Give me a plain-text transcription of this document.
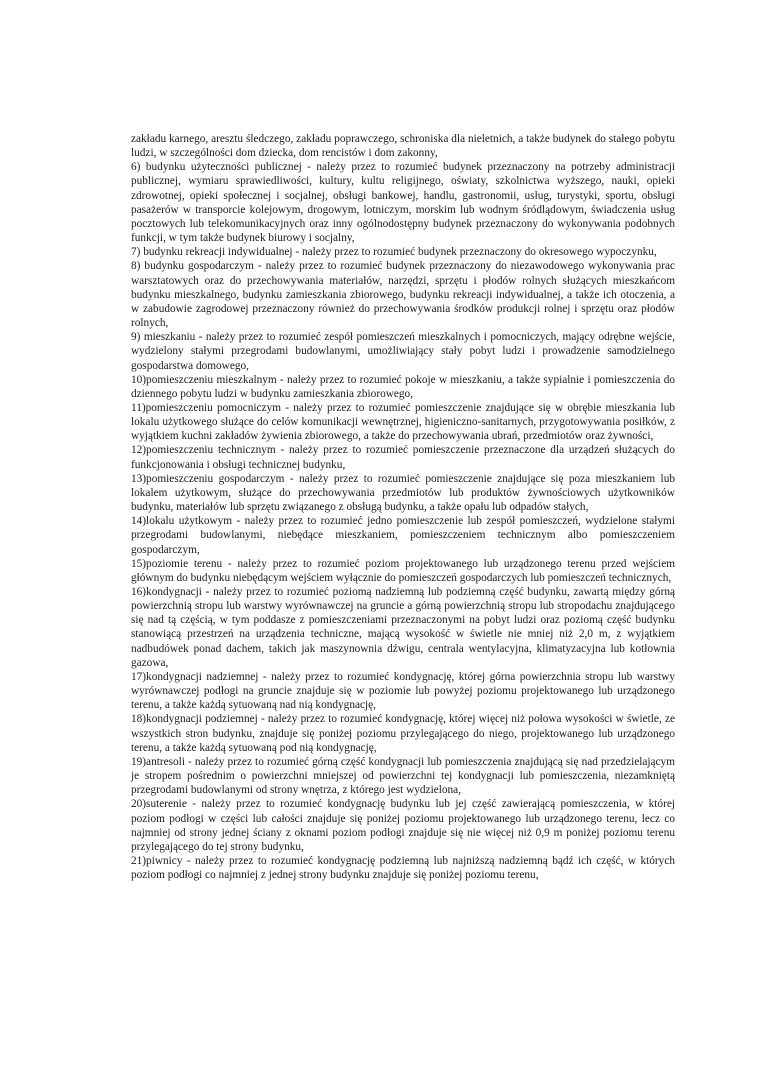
zakładu karnego, aresztu śledczego, zakładu poprawczego, schroniska dla nieletnich, a także budynek do stałego pobytu ludzi, w szczególności dom dziecka, dom rencistów i dom zakonny,

6) budynku użyteczności publicznej - należy przez to rozumieć budynek przeznaczony na potrzeby administracji publicznej, wymiaru sprawiedliwości, kultury, kultu religijnego, oświaty, szkolnictwa wyższego, nauki, opieki zdrowotnej, opieki społecznej i socjalnej, obsługi bankowej, handlu, gastronomii, usług, turystyki, sportu, obsługi pasażerów w transporcie kolejowym, drogowym, lotniczym, morskim lub wodnym śródlądowym, świadczenia usług pocztowych lub telekomunikacyjnych oraz inny ogólnodostępny budynek przeznaczony do wykonywania podobnych funkcji, w tym także budynek biurowy i socjalny,

7) budynku rekreacji indywidualnej - należy przez to rozumieć budynek przeznaczony do okresowego wypoczynku,

8) budynku gospodarczym - należy przez to rozumieć budynek przeznaczony do niezawodowego wykonywania prac warsztatowych oraz do przechowywania materiałów, narzędzi, sprzętu i płodów rolnych służących mieszkańcom budynku mieszkalnego, budynku zamieszkania zbiorowego, budynku rekreacji indywidualnej, a także ich otoczenia, a w zabudowie zagrodowej przeznaczony również do przechowywania środków produkcji rolnej i sprzętu oraz płodów rolnych,

9) mieszkaniu - należy przez to rozumieć zespół pomieszczeń mieszkalnych i pomocniczych, mający odrębne wejście, wydzielony stałymi przegrodami budowlanymi, umożliwiający stały pobyt ludzi i prowadzenie samodzielnego gospodarstwa domowego,

10)pomieszczeniu mieszkalnym - należy przez to rozumieć pokoje w mieszkaniu, a także sypialnie i pomieszczenia do dziennego pobytu ludzi w budynku zamieszkania zbiorowego,

11)pomieszczeniu pomocniczym - należy przez to rozumieć pomieszczenie znajdujące się w obrębie mieszkania lub lokalu użytkowego służące do celów komunikacji wewnętrznej, higieniczno-sanitarnych, przygotowywania posiłków, z wyjątkiem kuchni zakładów żywienia zbiorowego, a także do przechowywania ubrań, przedmiotów oraz żywności,

12)pomieszczeniu technicznym - należy przez to rozumieć pomieszczenie przeznaczone dla urządzeń służących do funkcjonowania i obsługi technicznej budynku,

13)pomieszczeniu gospodarczym - należy przez to rozumieć pomieszczenie znajdujące się poza mieszkaniem lub lokalem użytkowym, służące do przechowywania przedmiotów lub produktów żywnościowych użytkowników budynku, materiałów lub sprzętu związanego z obsługą budynku, a także opału lub odpadów stałych,

14)lokalu użytkowym - należy przez to rozumieć jedno pomieszczenie lub zespół pomieszczeń, wydzielone stałymi przegrodami budowlanymi, niebędące mieszkaniem, pomieszczeniem technicznym albo pomieszczeniem gospodarczym,

15)poziomie terenu - należy przez to rozumieć poziom projektowanego lub urządzonego terenu przed wejściem głównym do budynku niebędącym wejściem wyłącznie do pomieszczeń gospodarczych lub pomieszczeń technicznych,

16)kondygnacji - należy przez to rozumieć poziomą nadziemną lub podziemną część budynku, zawartą między górną powierzchnią stropu lub warstwy wyrównawczej na gruncie a górną powierzchnią stropu lub stropodachu znajdującego się nad tą częścią, w tym poddasze z pomieszczeniami przeznaczonymi na pobyt ludzi oraz poziomą część budynku stanowiącą przestrzeń na urządzenia techniczne, mającą wysokość w świetle nie mniej niż 2,0 m, z wyjątkiem nadbudówek ponad dachem, takich jak maszynownia dźwigu, centrala wentylacyjna, klimatyzacyjna lub kotłownia gazowa,

17)kondygnacji nadziemnej - należy przez to rozumieć kondygnację, której górna powierzchnia stropu lub warstwy wyrównawczej podłogi na gruncie znajduje się w poziomie lub powyżej poziomu projektowanego lub urządzonego terenu, a także każdą sytuowaną nad nią kondygnację,

18)kondygnacji podziemnej - należy przez to rozumieć kondygnację, której więcej niż połowa wysokości w świetle, ze wszystkich stron budynku, znajduje się poniżej poziomu przylegającego do niego, projektowanego lub urządzonego terenu, a także każdą sytuowaną pod nią kondygnację,

19)antresoli - należy przez to rozumieć górną część kondygnacji lub pomieszczenia znajdującą się nad przedzielającym je stropem pośrednim o powierzchni mniejszej od powierzchni tej kondygnacji lub pomieszczenia, niezamkniętą przegrodami budowlanymi od strony wnętrza, z którego jest wydzielona,

20)suterenie - należy przez to rozumieć kondygnację budynku lub jej część zawierającą pomieszczenia, w której poziom podłogi w części lub całości znajduje się poniżej poziomu projektowanego lub urządzonego terenu, lecz co najmniej od strony jednej ściany z oknami poziom podłogi znajduje się nie więcej niż 0,9 m poniżej poziomu terenu przylegającego do tej strony budynku,

21)piwnicy - należy przez to rozumieć kondygnację podziemną lub najniższą nadziemną bądź ich część, w których poziom podłogi co najmniej z jednej strony budynku znajduje się poniżej poziomu terenu,
